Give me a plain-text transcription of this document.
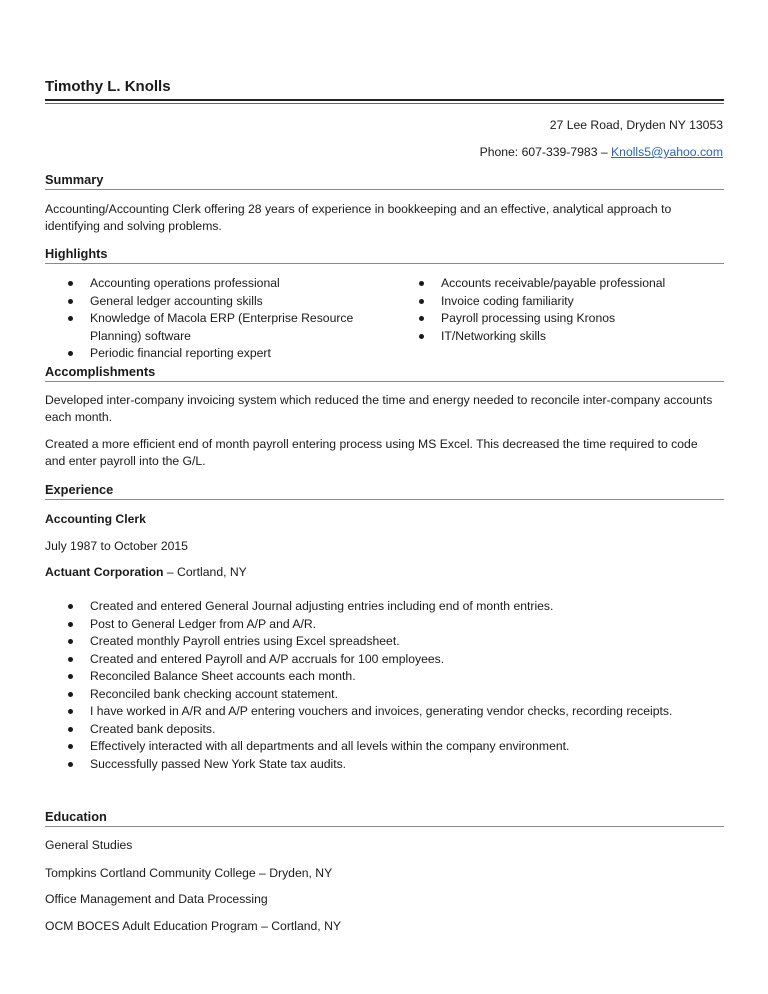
Timothy L. Knolls
27 Lee Road, Dryden NY 13053
Phone: 607-339-7983 – Knolls5@yahoo.com
Summary
Accounting/Accounting Clerk offering 28 years of experience in bookkeeping and an effective, analytical approach to identifying and solving problems.
Highlights
Accounting operations professional
General ledger accounting skills
Knowledge of Macola ERP (Enterprise Resource Planning) software
Periodic financial reporting expert
Accounts receivable/payable professional
Invoice coding familiarity
Payroll processing using Kronos
IT/Networking skills
Accomplishments
Developed inter-company invoicing system which reduced the time and energy needed to reconcile inter-company accounts each month.
Created a more efficient end of month payroll entering process using MS Excel. This decreased the time required to code and enter payroll into the G/L.
Experience
Accounting Clerk
July 1987 to October 2015
Actuant Corporation – Cortland, NY
Created and entered General Journal adjusting entries including end of month entries.
Post to General Ledger from A/P and A/R.
Created monthly Payroll entries using Excel spreadsheet.
Created and entered Payroll and A/P accruals for 100 employees.
Reconciled Balance Sheet accounts each month.
Reconciled bank checking account statement.
I have worked in A/R and A/P entering vouchers and invoices, generating vendor checks, recording receipts.
Created bank deposits.
Effectively interacted with all departments and all levels within the company environment.
Successfully passed New York State tax audits.
Education
General Studies
Tompkins Cortland Community College – Dryden, NY
Office Management and Data Processing
OCM BOCES Adult Education Program – Cortland, NY
